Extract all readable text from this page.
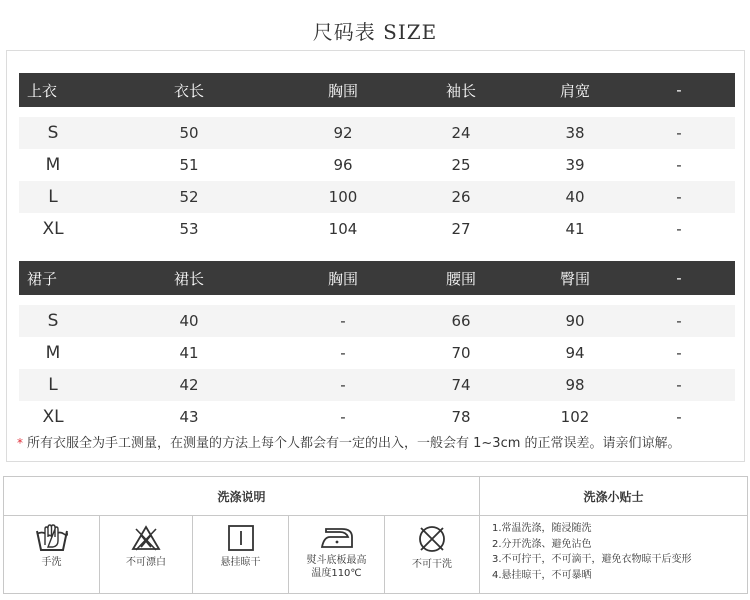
尺码表 SIZE
上衣	衣长	胸围	袖长	肩宽	-
S	50	92	24	38	-
M	51	96	25	39	-
L	52	100	26	40	-
XL	53	104	27	41	-
裙子	裙长	胸围	腰围	臀围	-
S	40	-	66	90	-
M	41	-	70	94	-
L	42	-	74	98	-
XL	43	-	78	102	-
* 所有衣服全为手工测量，在测量的方法上每个人都会有一定的出入，一般会有 1~3cm 的正常误差。请亲们谅解。
洗涤说明	洗涤小贴士
手洗	不可漂白	悬挂晾干	熨斗底板最高
温度110℃
不可干洗
1.常温洗涤，随浸随洗
2.分开洗涤、避免沾色
3.不可拧干，不可滴干，避免衣物晾干后变形
4.悬挂晾干，不可暴晒
